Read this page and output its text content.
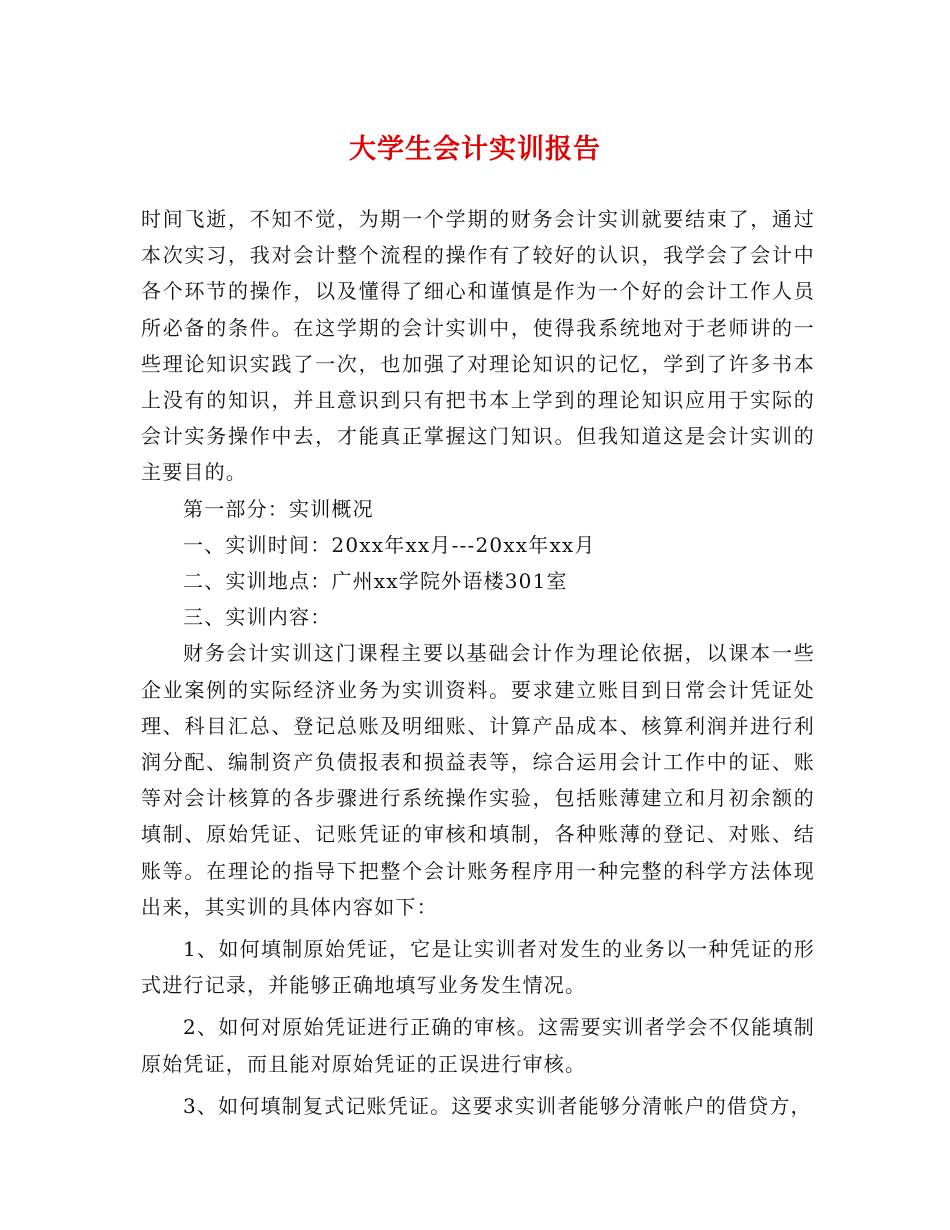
大学生会计实训报告

时间飞逝，不知不觉，为期一个学期的财务会计实训就要结束了，通过本次实习，我对会计整个流程的操作有了较好的认识，我学会了会计中各个环节的操作，以及懂得了细心和谨慎是作为一个好的会计工作人员所必备的条件。在这学期的会计实训中，使得我系统地对于老师讲的一些理论知识实践了一次，也加强了对理论知识的记忆，学到了许多书本上没有的知识，并且意识到只有把书本上学到的理论知识应用于实际的会计实务操作中去，才能真正掌握这门知识。但我知道这是会计实训的主要目的。

第一部分：实训概况

一、实训时间：20xx年xx月---20xx年xx月

二、实训地点：广州xx学院外语楼301室

三、实训内容：

财务会计实训这门课程主要以基础会计作为理论依据，以课本一些企业案例的实际经济业务为实训资料。要求建立账目到日常会计凭证处理、科目汇总、登记总账及明细账、计算产品成本、核算利润并进行利润分配、编制资产负债报表和损益表等，综合运用会计工作中的证、账等对会计核算的各步骤进行系统操作实验，包括账薄建立和月初余额的填制、原始凭证、记账凭证的审核和填制，各种账薄的登记、对账、结账等。在理论的指导下把整个会计账务程序用一种完整的科学方法体现出来，其实训的具体内容如下：

1、如何填制原始凭证，它是让实训者对发生的业务以一种凭证的形式进行记录，并能够正确地填写业务发生情况。

2、如何对原始凭证进行正确的审核。这需要实训者学会不仅能填制原始凭证，而且能对原始凭证的正误进行审核。

3、如何填制复式记账凭证。这要求实训者能够分清帐户的借贷方，
